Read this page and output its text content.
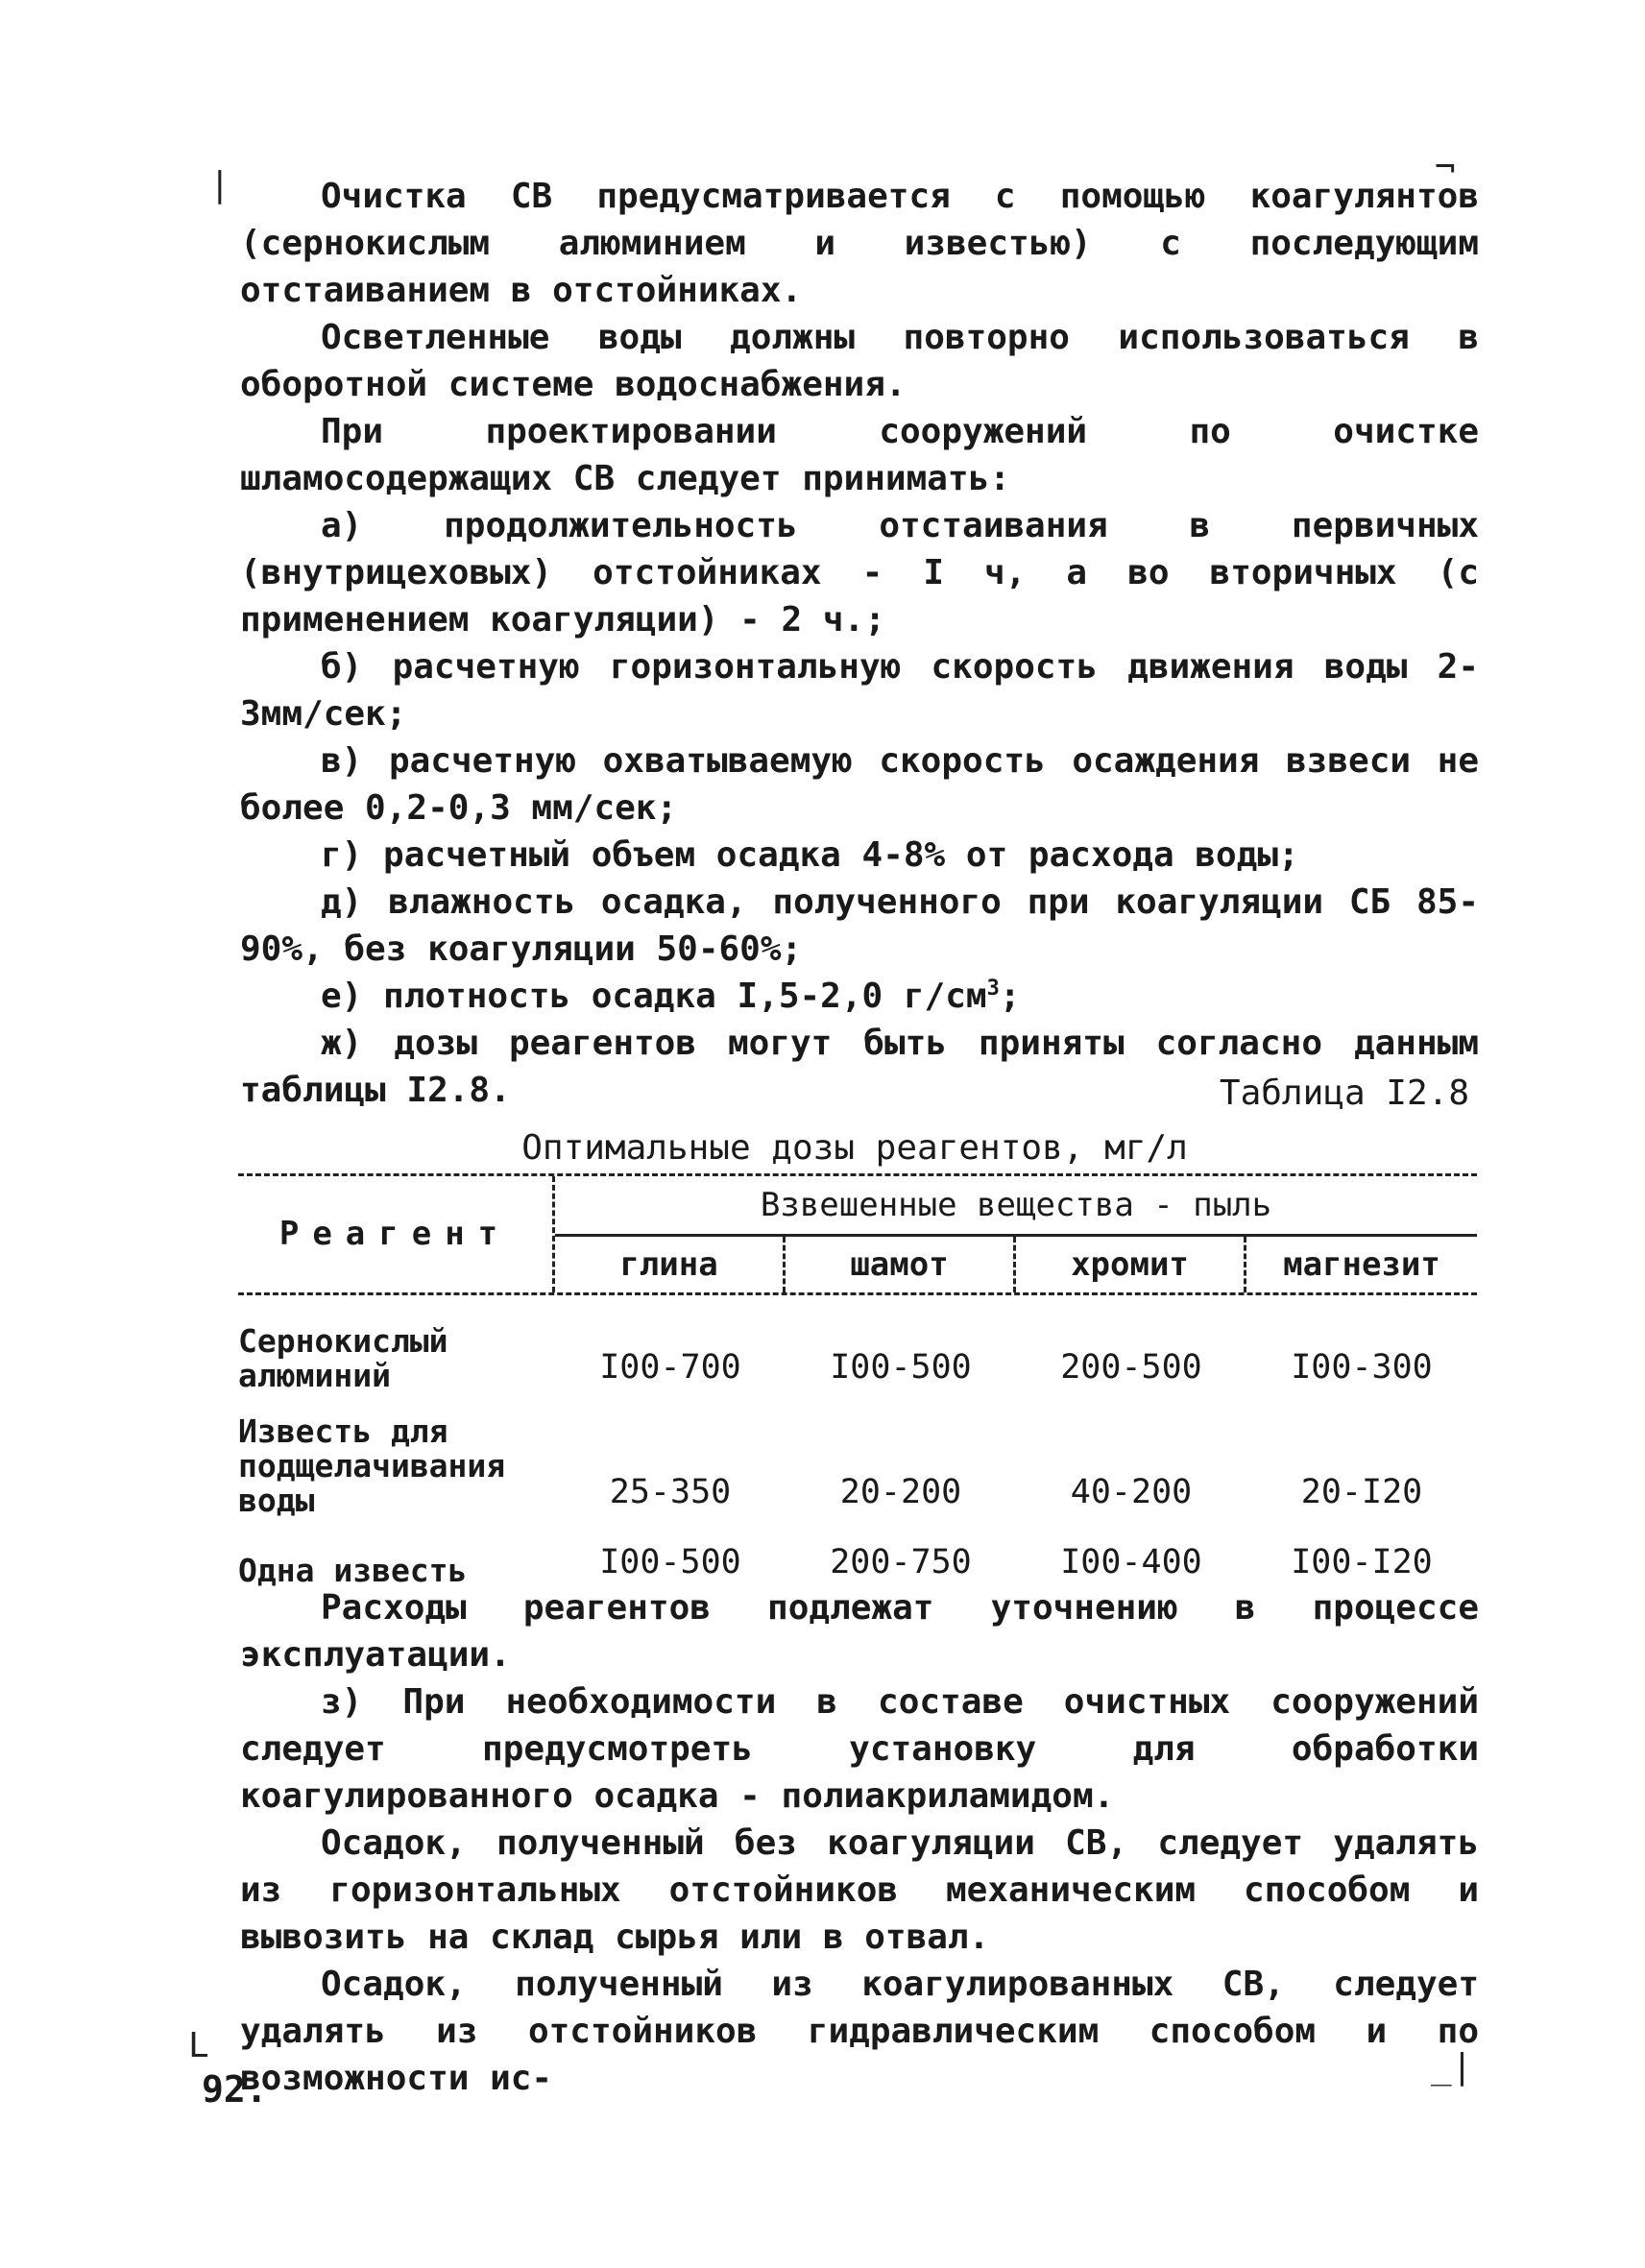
|	¬
L
_|

Очистка СВ предусматривается с помощью коагулянтов (сернокислым алюминием и известью) с последующим отстаиванием в отстойниках.

Осветленные воды должны повторно использоваться в оборотной системе водоснабжения.

При проектировании сооружений по очистке шламосодержащих СВ следует принимать:

а) продолжительность отстаивания в первичных (внутрицеховых) отстойниках - I ч, а во вторичных (с применением коагуляции) - 2 ч.;

б) расчетную горизонтальную скорость движения воды 2-3мм/сек;

в) расчетную охватываемую скорость осаждения взвеси не более 0,2-0,3 мм/сек;

г) расчетный объем осадка 4-8% от расхода воды;

д) влажность осадка, полученного при коагуляции СБ 85-90%, без коагуляции 50-60%;

е) плотность осадка I,5-2,0 $г/см^3$;

ж) дозы реагентов могут быть приняты согласно данным таблицы I2.8.	Таблица I2.8
Оптимальные дозы реагентов, мг/л
Реагент
Взвешенные вещества - пыль
глина	шамот	хромит	магнезит
Сернокислый алюминий	I00-700	I00-500	200-500	I00-300
Известь для подщелачивания воды	25-350	20-200	40-200	20-I20
Одна известь	I00-500	200-750	I00-400	I00-I20

Расходы реагентов подлежат уточнению в процессе эксплуатации.

з) При необходимости в составе очистных сооружений следует предусмотреть установку для обработки коагулированного осадка - полиакриламидом.

Осадок, полученный без коагуляции СВ, следует удалять из горизонтальных отстойников механическим способом и вывозить на склад сырья или в отвал.

Осадок, полученный из коагулированных СВ, следует удалять из отстойников гидравлическим способом и по возможности ис-

92.
